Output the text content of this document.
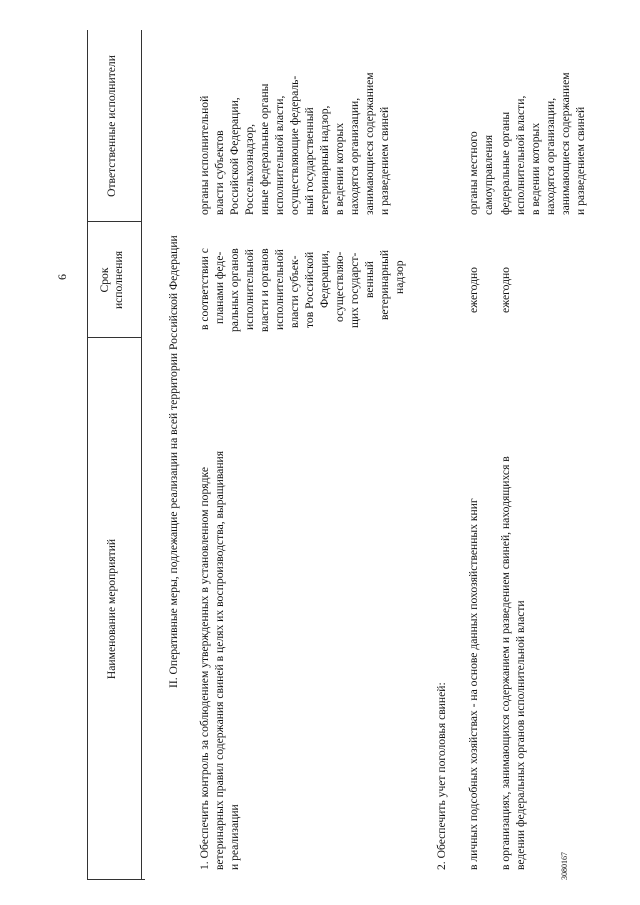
6
Наименование мероприятий
Срок исполнения
Ответственные исполнители
II. Оперативные меры, подлежащие реализации на всей территории Российской Федерации 1. Обеспечить контроль за соблюдением утвержденных в установленном порядке ветеринарных правил содержания свиней в целях их воспроизводства, выращивания и реализации
в соответствии с планами феде- ральных органов исполнительной власти и органов исполнительной власти субъек- тов Российской Федерации, осуществляю- щих государст- венный ветеринарный надзор
органы исполнительной власти субъектов Российской Федерации, Россельхознадзор, иные федеральные органы исполнительной власти, осуществляющие федераль- ный государственный ветеринарный надзор, в ведении которых находятся организации, занимающиеся содержанием и разведением свиней
2. Обеспечить учет поголовья свиней: в личных подсобных хозяйствах - на основе данных похозяйственных книг
ежегодно
органы местного самоуправления
в организациях, занимающихся содержанием и разведением свиней, находящихся в ведении федеральных органов исполнительной власти
ежегодно
федеральные органы исполнительной власти, в ведении которых находятся организации, занимающиеся содержанием и разведением свиней
3080167
